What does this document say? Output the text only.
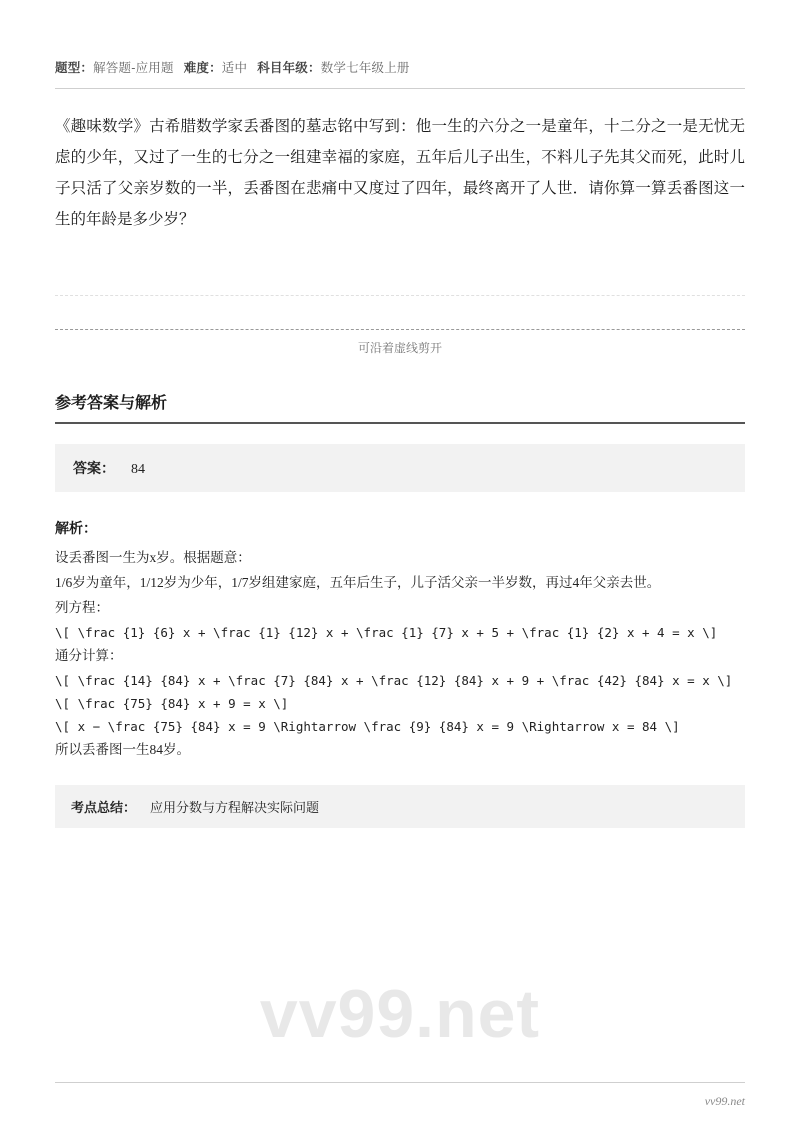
题型：解答题-应用题 难度：适中 科目年级：数学七年级上册
《趣味数学》古希腊数学家丢番图的墓志铭中写到：他一生的六分之一是童年，十二分之一是无忧无虑的少年，又过了一生的七分之一组建幸福的家庭，五年后儿子出生，不料儿子先其父而死，此时儿子只活了父亲岁数的一半，丢番图在悲痛中又度过了四年，最终离开了人世．请你算一算丢番图这一生的年龄是多少岁？
可沿着虚线剪开
参考答案与解析
答案： 84
解析：
设丢番图一生为x岁。根据题意：
1/6岁为童年，1/12岁为少年，1/7岁组建家庭，五年后生子，儿子活父亲一半岁数，再过4年父亲去世。
列方程：
\[ \frac {1} {6} x + \frac {1} {12} x + \frac {1} {7} x + 5 + \frac {1} {2} x + 4 = x \]
通分计算：
\[ \frac {14} {84} x + \frac {7} {84} x + \frac {12} {84} x + 9 + \frac {42} {84} x = x \]
\[ \frac {75} {84} x + 9 = x \]
\[ x − \frac {75} {84} x = 9 \Rightarrow \frac {9} {84} x = 9 \Rightarrow x = 84 \]
所以丢番图一生84岁。
考点总结： 应用分数与方程解决实际问题
vv99.net
vv99.net
